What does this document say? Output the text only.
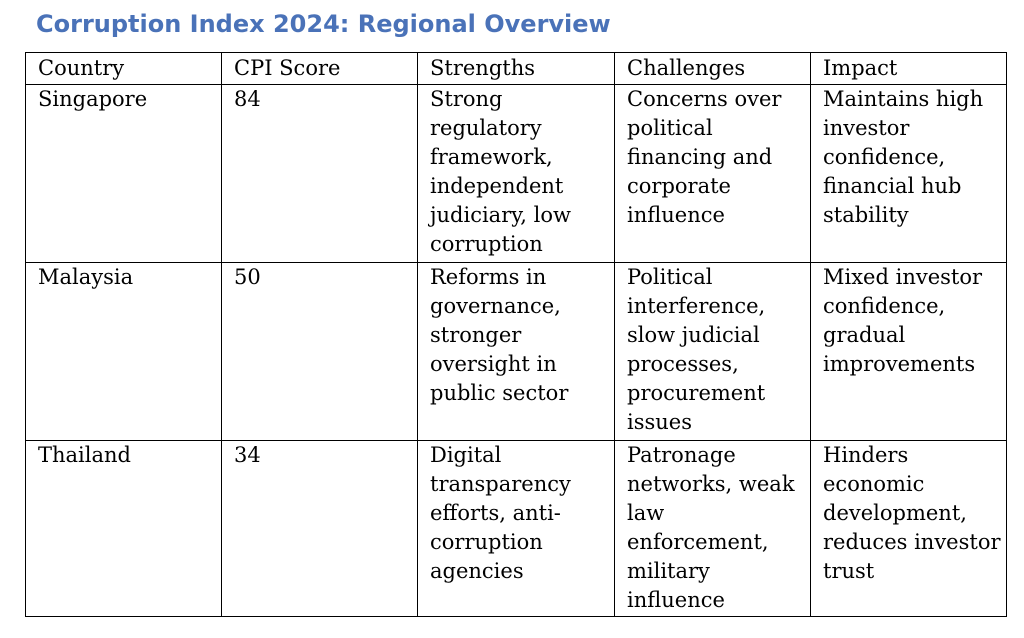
Corruption Index 2024: Regional Overview
Country	CPI Score	Strengths	Challenges	Impact
Singapore	84	Strong regulatory framework, independent judiciary, low corruption	Concerns over political financing and corporate influence	Maintains high investor confidence, financial hub stability
Malaysia	50	Reforms in governance, stronger oversight in public sector	Political interference, slow judicial processes, procurement issues	Mixed investor confidence, gradual improvements
Thailand	34	Digital transparency efforts, anti-corruption agencies	Patronage networks, weak law enforcement, military influence	Hinders economic development, reduces investor trust
